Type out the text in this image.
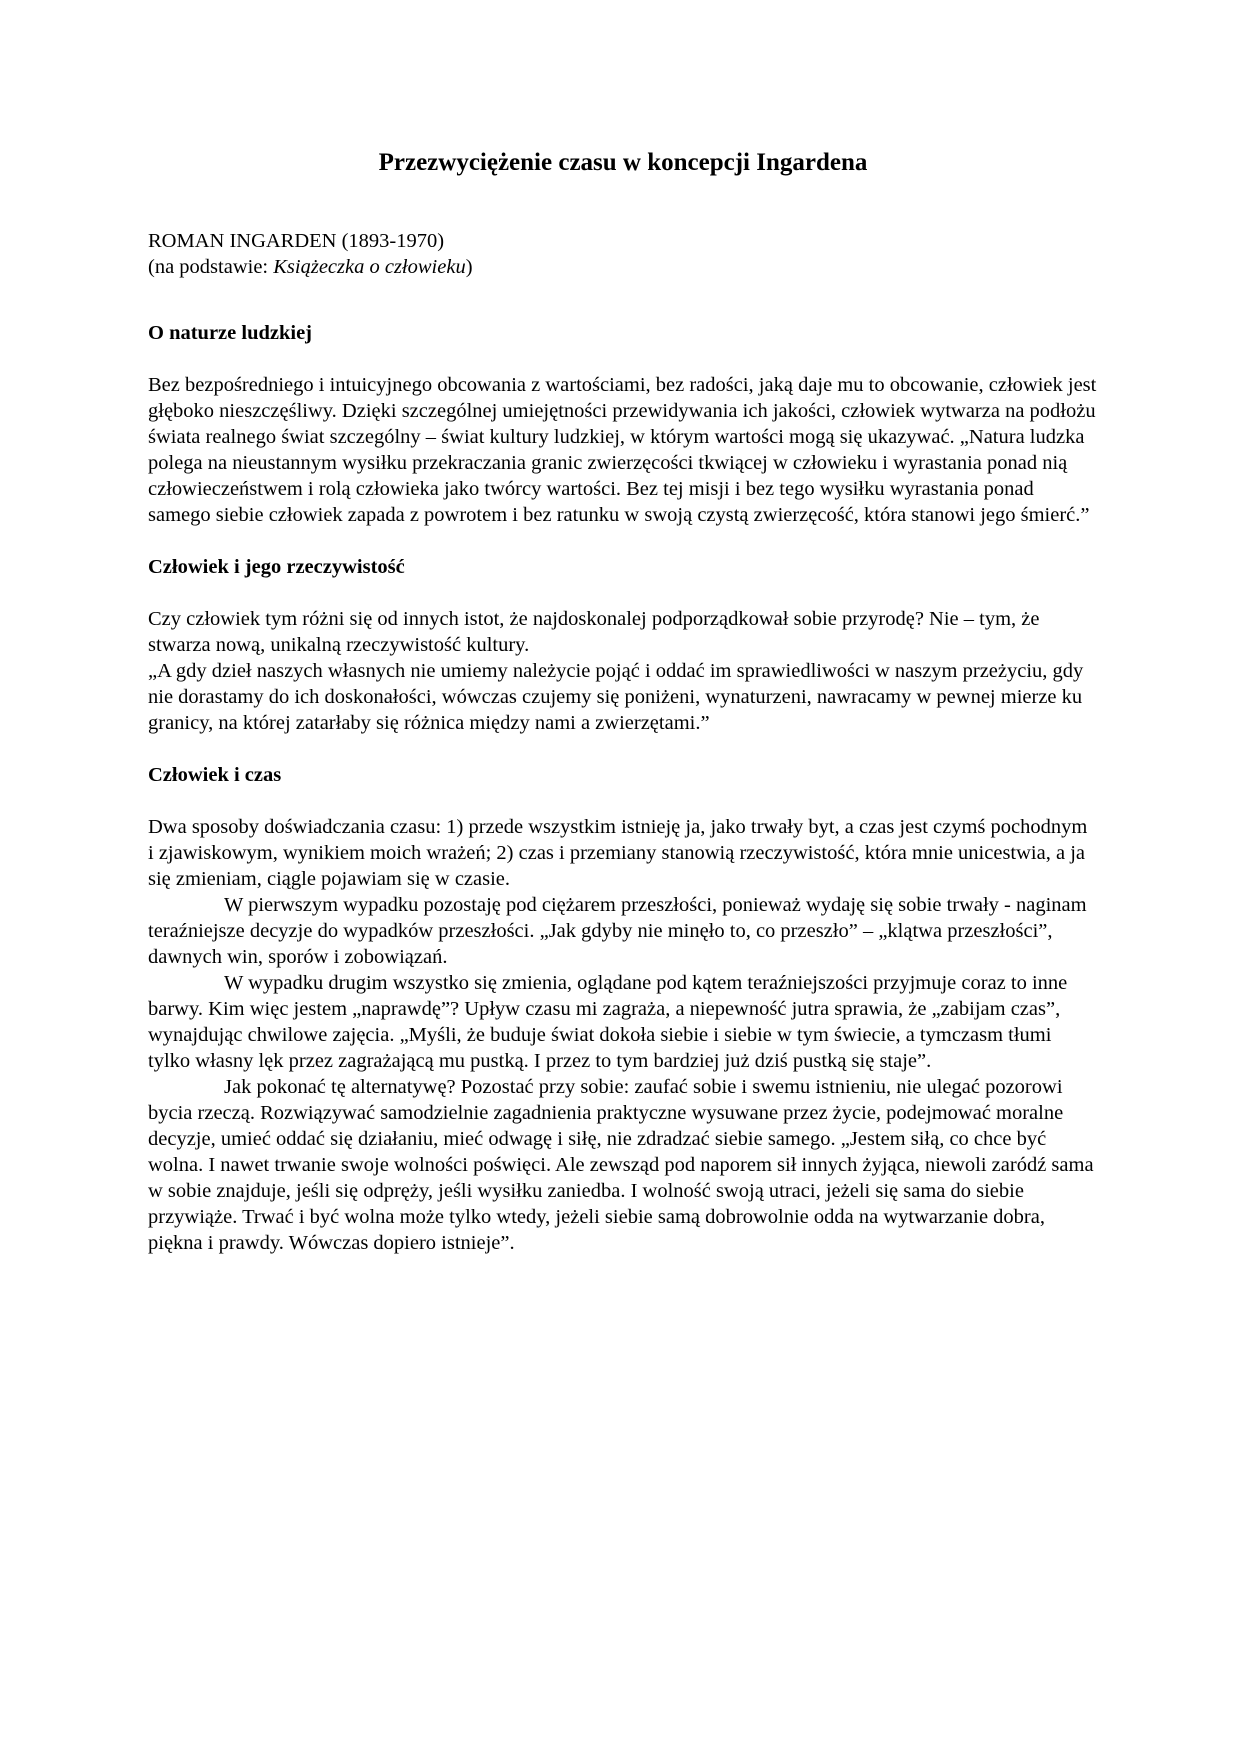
Przezwyciężenie czasu w koncepcji Ingardena
ROMAN INGARDEN (1893-1970)
(na podstawie: Książeczka o człowieku)
O naturze ludzkiej

Bez bezpośredniego i intuicyjnego obcowania z wartościami, bez radości, jaką daje mu to obcowanie, człowiek jest głęboko nieszczęśliwy. Dzięki szczególnej umiejętności przewidywania ich jakości, człowiek wytwarza na podłożu świata realnego świat szczególny – świat kultury ludzkiej, w którym wartości mogą się ukazywać. „Natura ludzka polega na nieustannym wysiłku przekraczania granic zwierzęcości tkwiącej w człowieku i wyrastania ponad nią człowieczeństwem i rolą człowieka jako twórcy wartości. Bez tej misji i bez tego wysiłku wyrastania ponad samego siebie człowiek zapada z powrotem i bez ratunku w swoją czystą zwierzęcość, która stanowi jego śmierć.”

Człowiek i jego rzeczywistość

Czy człowiek tym różni się od innych istot, że najdoskonalej podporządkował sobie przyrodę? Nie – tym, że stwarza nową, unikalną rzeczywistość kultury.

„A gdy dzieł naszych własnych nie umiemy należycie pojąć i oddać im sprawiedliwości w naszym przeżyciu, gdy nie dorastamy do ich doskonałości, wówczas czujemy się poniżeni, wynaturzeni, nawracamy w pewnej mierze ku granicy, na której zatarłaby się różnica między nami a zwierzętami.”

Człowiek i czas

Dwa sposoby doświadczania czasu: 1) przede wszystkim istnieję ja, jako trwały byt, a czas jest czymś pochodnym i zjawiskowym, wynikiem moich wrażeń; 2) czas i przemiany stanowią rzeczywistość, która mnie unicestwia, a ja się zmieniam, ciągle pojawiam się w czasie.

W pierwszym wypadku pozostaję pod ciężarem przeszłości, ponieważ wydaję się sobie trwały - naginam teraźniejsze decyzje do wypadków przeszłości. „Jak gdyby nie minęło to, co przeszło” – „klątwa przeszłości”, dawnych win, sporów i zobowiązań.

W wypadku drugim wszystko się zmienia, oglądane pod kątem teraźniejszości przyjmuje coraz to inne barwy. Kim więc jestem „naprawdę”? Upływ czasu mi zagraża, a niepewność jutra sprawia, że „zabijam czas”, wynajdując chwilowe zajęcia. „Myśli, że buduje świat dokoła siebie i siebie w tym świecie, a tymczasm tłumi tylko własny lęk przez zagrażającą mu pustką. I przez to tym bardziej już dziś pustką się staje”.

Jak pokonać tę alternatywę? Pozostać przy sobie: zaufać sobie i swemu istnieniu, nie ulegać pozorowi bycia rzeczą. Rozwiązywać samodzielnie zagadnienia praktyczne wysuwane przez życie, podejmować moralne decyzje, umieć oddać się działaniu, mieć odwagę i siłę, nie zdradzać siebie samego. „Jestem siłą, co chce być wolna. I nawet trwanie swoje wolności poświęci. Ale zewsząd pod naporem sił innych żyjąca, niewoli zaródź sama w sobie znajduje, jeśli się odpręży, jeśli wysiłku zaniedba. I wolność swoją utraci, jeżeli się sama do siebie przywiąże. Trwać i być wolna może tylko wtedy, jeżeli siebie samą dobrowolnie odda na wytwarzanie dobra, piękna i prawdy. Wówczas dopiero istnieje”.
